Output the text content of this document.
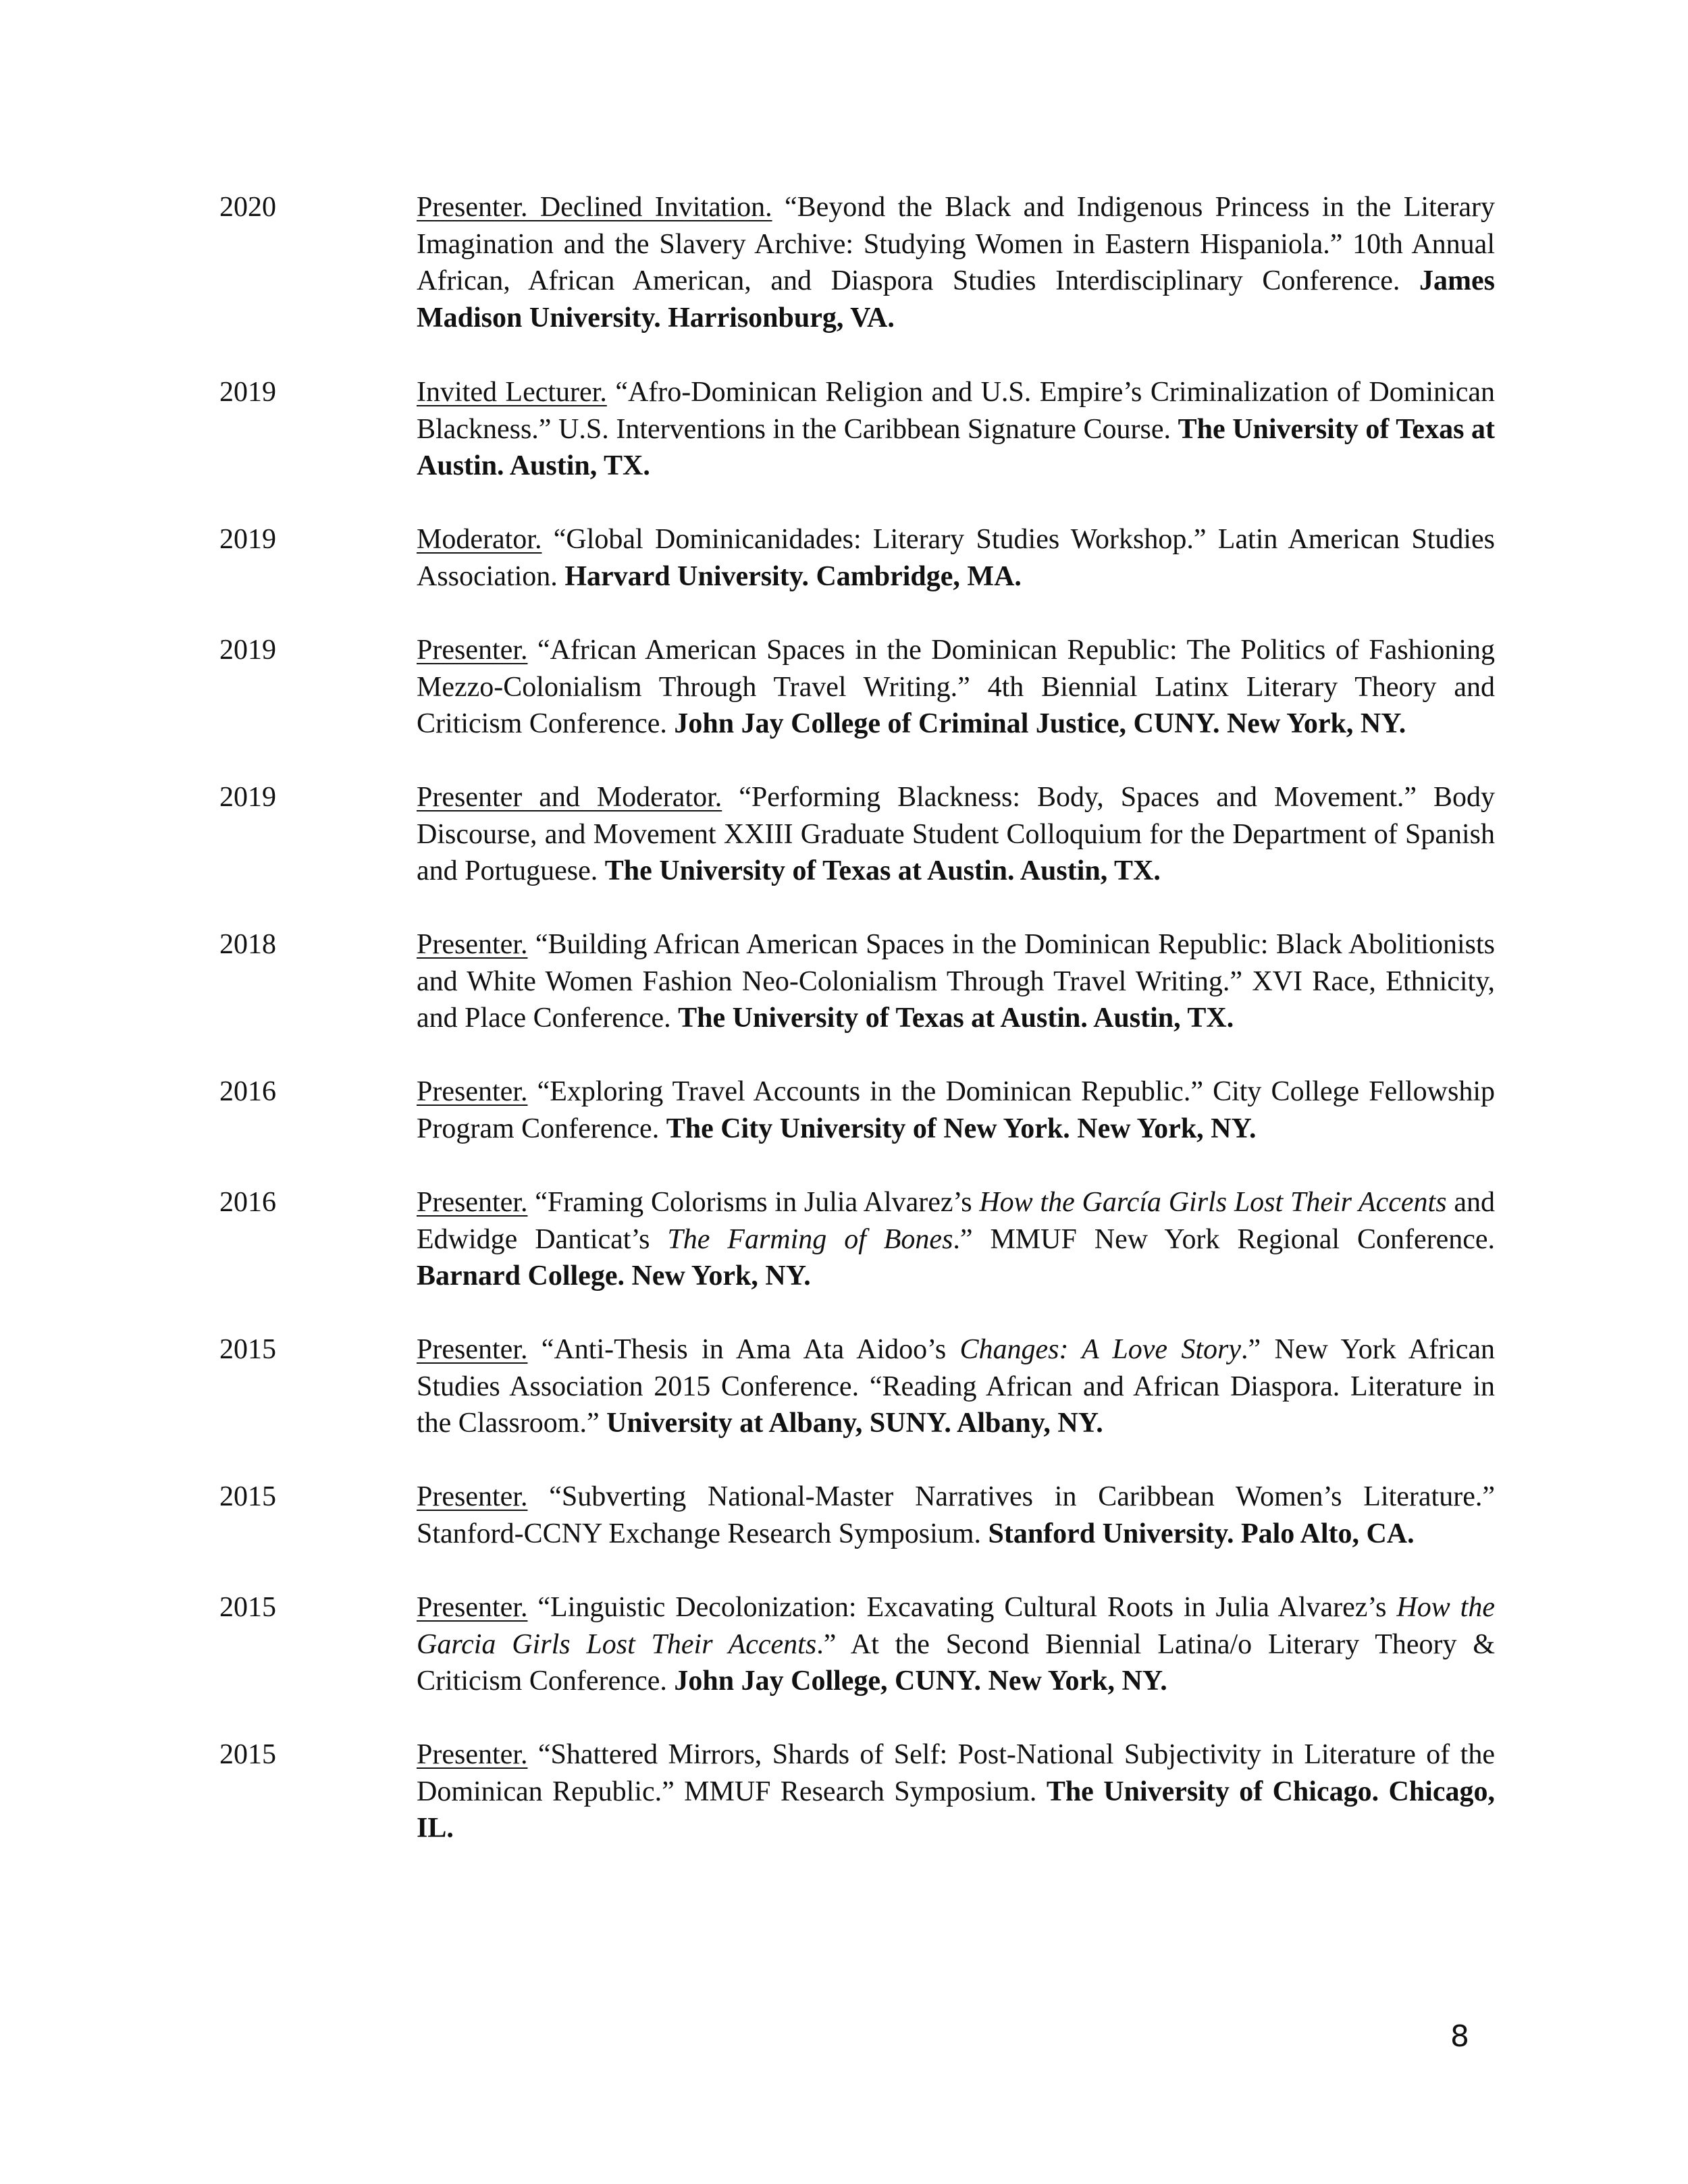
2020	Presenter. Declined Invitation. “Beyond the Black and Indigenous Princess in the Literary Imagination and the Slavery Archive: Studying Women in Eastern Hispaniola.” 10th Annual African, African American, and Diaspora Studies Interdisciplinary Conference. James Madison University. Harrisonburg, VA.
2019	Invited Lecturer. “Afro-Dominican Religion and U.S. Empire’s Criminalization of Dominican Blackness.” U.S. Interventions in the Caribbean Signature Course. The University of Texas at Austin. Austin, TX.
2019	Moderator. “Global Dominicanidades: Literary Studies Workshop.” Latin American Studies Association. Harvard University. Cambridge, MA.
2019	Presenter. “African American Spaces in the Dominican Republic: The Politics of Fashioning Mezzo-Colonialism Through Travel Writing.” 4th Biennial Latinx Literary Theory and Criticism Conference. John Jay College of Criminal Justice, CUNY. New York, NY.
2019	Presenter and Moderator. “Performing Blackness: Body, Spaces and Movement.” Body Discourse, and Movement XXIII Graduate Student Colloquium for the Department of Spanish and Portuguese. The University of Texas at Austin. Austin, TX.
2018	Presenter. “Building African American Spaces in the Dominican Republic: Black Abolitionists and White Women Fashion Neo-Colonialism Through Travel Writing.” XVI Race, Ethnicity, and Place Conference. The University of Texas at Austin. Austin, TX.
2016	Presenter. “Exploring Travel Accounts in the Dominican Republic.” City College Fellowship Program Conference. The City University of New York. New York, NY.
2016	Presenter. “Framing Colorisms in Julia Alvarez’s How the García Girls Lost Their Accents and Edwidge Danticat’s The Farming of Bones.” MMUF New York Regional Conference. Barnard College. New York, NY.
2015	Presenter. “Anti-Thesis in Ama Ata Aidoo’s Changes: A Love Story.” New York African Studies Association 2015 Conference. “Reading African and African Diaspora. Literature in the Classroom.” University at Albany, SUNY. Albany, NY.
2015	Presenter. “Subverting National-Master Narratives in Caribbean Women’s Literature.” Stanford-CCNY Exchange Research Symposium. Stanford University. Palo Alto, CA.
2015	Presenter. “Linguistic Decolonization: Excavating Cultural Roots in Julia Alvarez’s How the Garcia Girls Lost Their Accents.” At the Second Biennial Latina/o Literary Theory & Criticism Conference. John Jay College, CUNY. New York, NY.
2015	Presenter. “Shattered Mirrors, Shards of Self: Post-National Subjectivity in Literature of the Dominican Republic.” MMUF Research Symposium. The University of Chicago. Chicago, IL.
8
